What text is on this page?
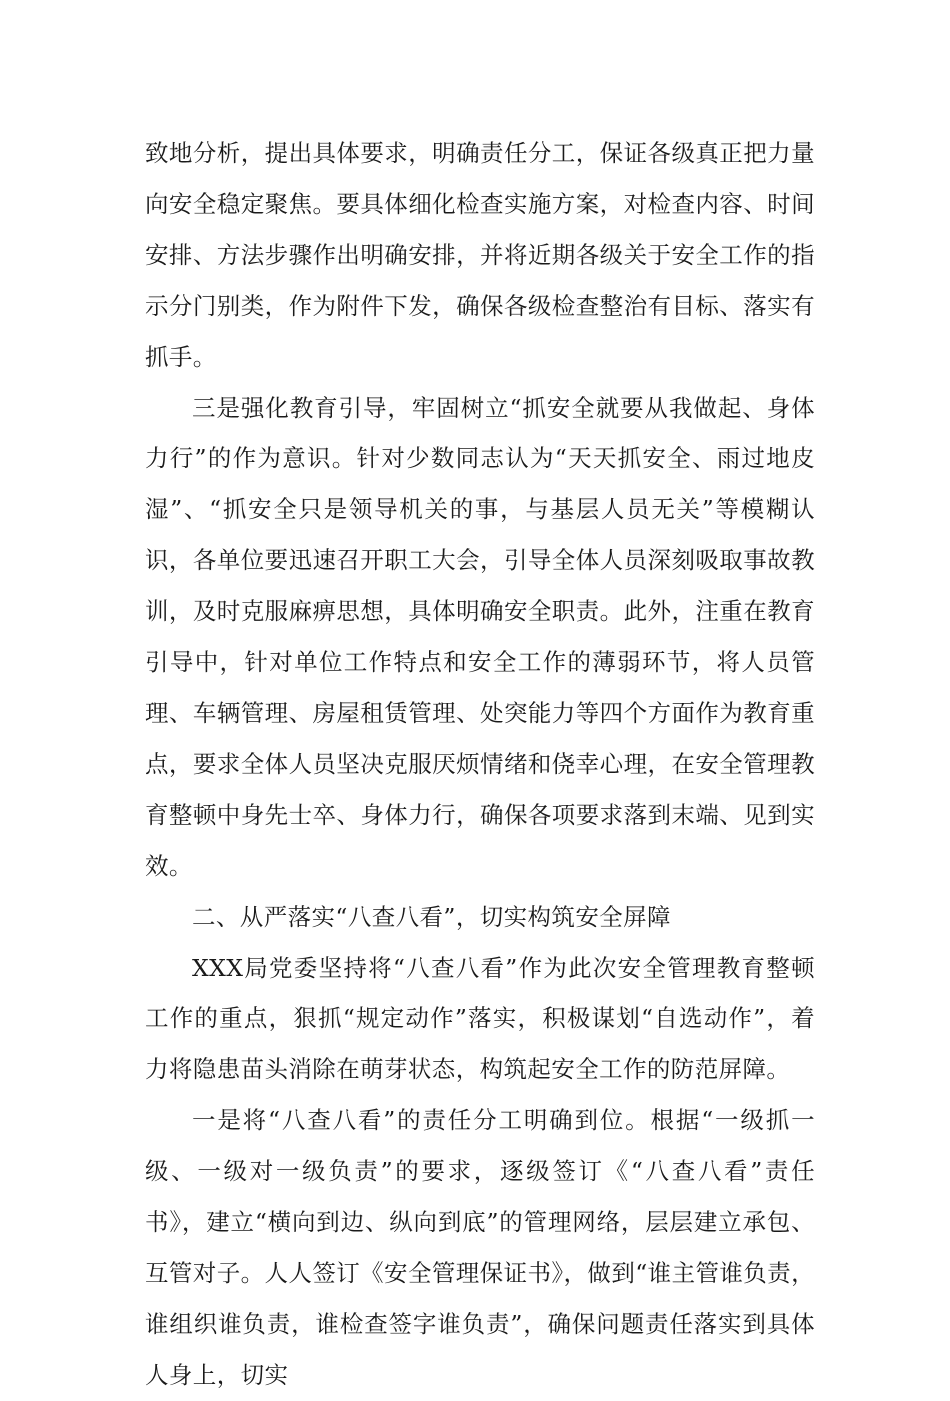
致地分析，提出具体要求，明确责任分工，保证各级真正把力量向安全稳定聚焦。要具体细化检查实施方案，对检查内容、时间安排、方法步骤作出明确安排，并将近期各级关于安全工作的指示分门别类，作为附件下发，确保各级检查整治有目标、落实有抓手。

三是强化教育引导，牢固树立“抓安全就要从我做起、身体力行”的作为意识。针对少数同志认为“天天抓安全、雨过地皮湿”、“抓安全只是领导机关的事，与基层人员无关”等模糊认识，各单位要迅速召开职工大会，引导全体人员深刻吸取事故教训，及时克服麻痹思想，具体明确安全职责。此外，注重在教育引导中，针对单位工作特点和安全工作的薄弱环节，将人员管理、车辆管理、房屋租赁管理、处突能力等四个方面作为教育重点，要求全体人员坚决克服厌烦情绪和侥幸心理，在安全管理教育整顿中身先士卒、身体力行，确保各项要求落到末端、见到实效。

二、从严落实“八查八看”，切实构筑安全屏障

XXX局党委坚持将“八查八看”作为此次安全管理教育整顿工作的重点，狠抓“规定动作”落实，积极谋划“自选动作”，着力将隐患苗头消除在萌芽状态，构筑起安全工作的防范屏障。

一是将“八查八看”的责任分工明确到位。根据“一级抓一级、一级对一级负责”的要求，逐级签订《“八查八看”责任书》，建立“横向到边、纵向到底”的管理网络，层层建立承包、互管对子。人人签订《安全管理保证书》，做到“谁主管谁负责，谁组织谁负责，谁检查签字谁负责”，确保问题责任落实到具体人身上，切实
